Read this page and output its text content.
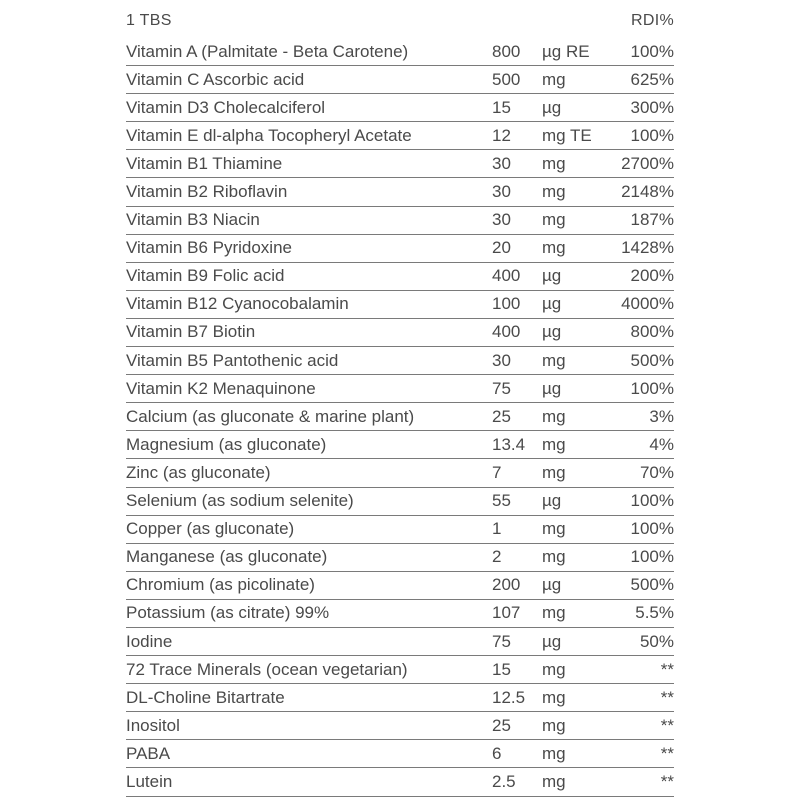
1 TBS	RDI%
Vitamin A (Palmitate - Beta Carotene)	800	µg RE	100%
Vitamin C Ascorbic acid	500	mg	625%
Vitamin D3 Cholecalciferol	15	µg	300%
Vitamin E dl-alpha Tocopheryl Acetate	12	mg TE	100%
Vitamin B1 Thiamine	30	mg	2700%
Vitamin B2 Riboflavin	30	mg	2148%
Vitamin B3 Niacin	30	mg	187%
Vitamin B6 Pyridoxine	20	mg	1428%
Vitamin B9 Folic acid	400	µg	200%
Vitamin B12 Cyanocobalamin	100	µg	4000%
Vitamin B7 Biotin	400	µg	800%
Vitamin B5 Pantothenic acid	30	mg	500%
Vitamin K2 Menaquinone	75	µg	100%
Calcium (as gluconate & marine plant)	25	mg	3%
Magnesium (as gluconate)	13.4	mg	4%
Zinc (as gluconate)	7	mg	70%
Selenium (as sodium selenite)	55	µg	100%
Copper (as gluconate)	1	mg	100%
Manganese (as gluconate)	2	mg	100%
Chromium (as picolinate)	200	µg	500%
Potassium (as citrate) 99%	107	mg	5.5%
Iodine	75	µg	50%
72 Trace Minerals (ocean vegetarian)	15	mg	**
DL-Choline Bitartrate	12.5	mg	**
Inositol	25	mg	**
PABA	6	mg	**
Lutein	2.5	mg	**
